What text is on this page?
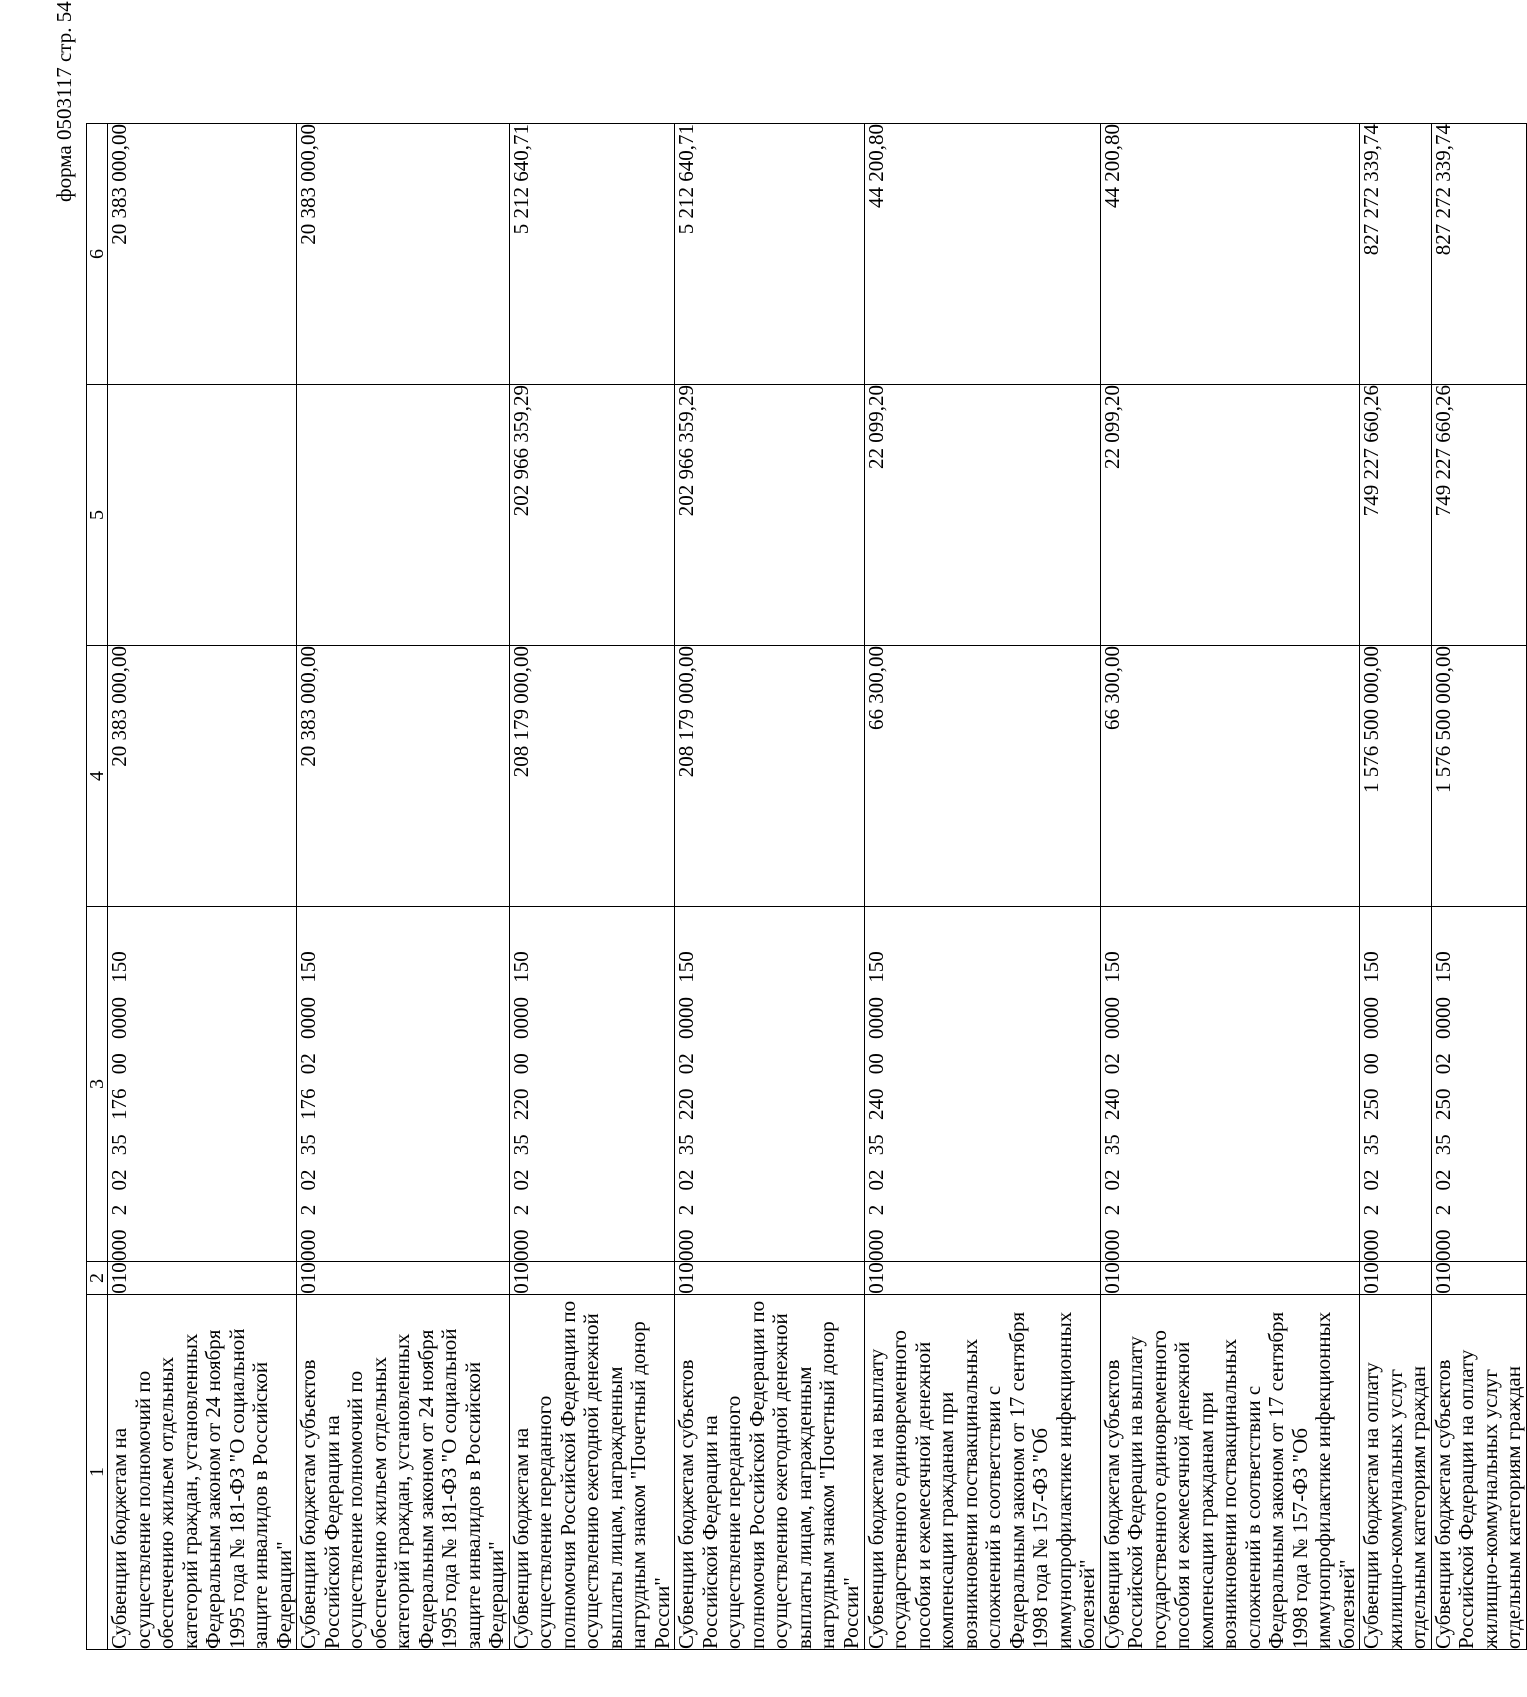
форма 0503117 стр. 54
1	2	3	4	5	6
Субвенции бюджетам на осуществление полномочий по обеспечению жильем отдельных категорий граждан, установленных Федеральным законом от 24 ноября 1995 года № 181-ФЗ "О социальной защите инвалидов в Российской Федерации"	010	000 2 02 35 176 00 0000 150	20 383 000,00		20 383 000,00
Субвенции бюджетам субъектов Российской Федерации на осуществление полномочий по обеспечению жильем отдельных категорий граждан, установленных Федеральным законом от 24 ноября 1995 года № 181-ФЗ "О социальной защите инвалидов в Российской Федерации"	010	000 2 02 35 176 02 0000 150	20 383 000,00		20 383 000,00
Субвенции бюджетам на осуществление переданного полномочия Российской Федерации по осуществлению ежегодной денежной выплаты лицам, награжденным нагрудным знаком "Почетный донор России"	010	000 2 02 35 220 00 0000 150	208 179 000,00	202 966 359,29	5 212 640,71
Субвенции бюджетам субъектов Российской Федерации на осуществление переданного полномочия Российской Федерации по осуществлению ежегодной денежной выплаты лицам, награжденным нагрудным знаком "Почетный донор России"	010	000 2 02 35 220 02 0000 150	208 179 000,00	202 966 359,29	5 212 640,71
Субвенции бюджетам на выплату государственного единовременного пособия и ежемесячной денежной компенсации гражданам при возникновении поствакцинальных осложнений в соответствии с Федеральным законом от 17 сентября 1998 года № 157-ФЗ "Об иммунопрофилактике инфекционных болезней"	010	000 2 02 35 240 00 0000 150	66 300,00	22 099,20	44 200,80
Субвенции бюджетам субъектов Российской Федерации на выплату государственного единовременного пособия и ежемесячной денежной компенсации гражданам при возникновении поствакцинальных осложнений в соответствии с Федеральным законом от 17 сентября 1998 года № 157-ФЗ "Об иммунопрофилактике инфекционных болезней"	010	000 2 02 35 240 02 0000 150	66 300,00	22 099,20	44 200,80
Субвенции бюджетам на оплату жилищно-коммунальных услуг отдельным категориям граждан	010	000 2 02 35 250 00 0000 150	1 576 500 000,00	749 227 660,26	827 272 339,74
Субвенции бюджетам субъектов Российской Федерации на оплату жилищно-коммунальных услуг отдельным категориям граждан	010	000 2 02 35 250 02 0000 150	1 576 500 000,00	749 227 660,26	827 272 339,74
